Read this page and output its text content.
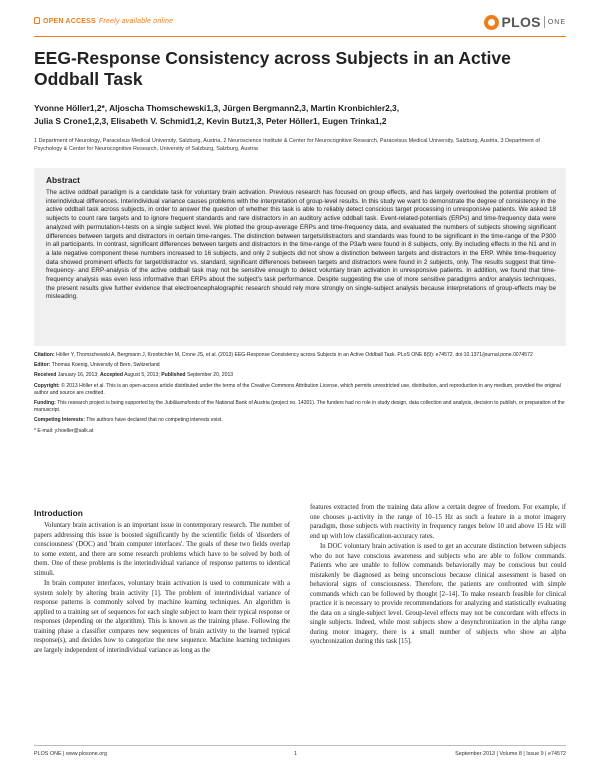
OPEN ACCESS Freely available online	PLOS ONE
EEG-Response Consistency across Subjects in an Active Oddball Task
Yvonne Höller1,2*, Aljoscha Thomschewski1,3, Jürgen Bergmann2,3, Martin Kronbichler2,3,
Julia S Crone1,2,3, Elisabeth V. Schmid1,2, Kevin Butz1,3, Peter Höller1, Eugen Trinka1,2
1 Department of Neurology, Paracelsus Medical University, Salzburg, Austria, 2 Neuroscience Institute & Center for Neurocognitive Research, Paracelsus Medical University, Salzburg, Austria, 3 Department of Psychology & Center for Neurocognitive Research, University of Salzburg, Salzburg, Austria
Abstract
The active oddball paradigm is a candidate task for voluntary brain activation. Previous research has focused on group effects, and has largely overlooked the potential problem of interindividual differences. Interindividual variance causes problems with the interpretation of group-level results. In this study we want to demonstrate the degree of consistency in the active oddball task across subjects, in order to answer the question of whether this task is able to reliably detect conscious target processing in unresponsive patients. We asked 18 subjects to count rare targets and to ignore frequent standards and rare distractors in an auditory active oddball task. Event-related-potentials (ERPs) and time-frequency data were analyzed with permutation-t-tests on a single subject level. We plotted the group-average ERPs and time-frequency data, and evaluated the numbers of subjects showing significant differences between targets and distractors in certain time-ranges. The distinction between targets/distractors and standards was found to be significant in the time-range of the P300 in all participants. In contrast, significant differences between targets and distractors in the time-range of the P3a/b were found in 8 subjects, only. By including effects in the N1 and in a late negative component these numbers increased to 16 subjects, and only 2 subjects did not show a distinction between targets and distractors in the ERP. While time-frequency data showed prominent effects for target/distractor vs. standard, significant differences between targets and distractors were found in 2 subjects, only. The results suggest that time-frequency- and ERP-analysis of the active oddball task may not be sensitive enough to detect voluntary brain activation in unresponsive patients. In addition, we found that time-frequency analysis was even less informative than ERPs about the subject's task performance. Despite suggesting the use of more sensitive paradigms and/or analysis techniques, the present results give further evidence that electroencephalographic research should rely more strongly on single-subject analysis because interpretations of group-effects may be misleading.

Citation: Höller Y, Thomschewski A, Bergmann J, Kronbichler M, Crone JS, et al. (2013) EEG-Response Consistency across Subjects in an Active Oddball Task. PLoS ONE 8(9): e74572. doi:10.1371/journal.pone.0074572

Editor: Thomas Koenig, University of Bern, Switzerland

Received January 16, 2013; Accepted August 5, 2013; Published September 20, 2013

Copyright: © 2013 Höller et al. This is an open-access article distributed under the terms of the Creative Commons Attribution License, which permits unrestricted use, distribution, and reproduction in any medium, provided the original author and source are credited.

Funding: This research project is being supported by the Jubiläumsfonds of the National Bank of Austria (project no. 14201). The funders had no role in study design, data collection and analysis, decision to publish, or preparation of the manuscript.

Competing Interests: The authors have declared that no competing interests exist.

* E-mail: y.hoeller@salk.at

Introduction

Voluntary brain activation is an important issue in contemporary research. The number of papers addressing this issue is boosted significantly by the scientific fields of 'disorders of consciousness' (DOC) and 'brain computer interfaces'. The goals of these two fields overlap to some extent, and there are some research problems which have to be solved by both of them. One of these problems is the interindividual variance of response patterns to identical stimuli.

In brain computer interfaces, voluntary brain activation is used to communicate with a system solely by altering brain activity [1]. The problem of interindividual variance of response patterns is commonly solved by machine learning techniques. An algorithm is applied to a training set of sequences for each single subject to learn their typical response or responses (depending on the algorithm). This is known as the training phase. Following the training phase a classifier compares new sequences of brain activity to the learned typical response(s), and decides how to categorize the new sequence. Machine learning techniques are largely independent of interindividual variance as long as the

features extracted from the training data allow a certain degree of freedom. For example, if one chooses μ-activity in the range of 10–15 Hz as such a feature in a motor imagery paradigm, those subjects with reactivity in frequency ranges below 10 and above 15 Hz will end up with low classification-accuracy rates.

In DOC voluntary brain activation is used to get an accurate distinction between subjects who do not have conscious awareness and subjects who are able to follow commands. Patients who are unable to follow commands behaviorally may be conscious but could mistakenly be diagnosed as being unconscious because clinical assessment is based on behavioral signs of consciousness. Therefore, the patients are confronted with simple commands which can be followed by thought [2–14]. To make research feasible for clinical practice it is necessary to provide recommendations for analyzing and statistically evaluating the data on a single-subject level. Group-level effects may not be concordant with effects in single subjects. Indeed, while most subjects show a desynchronization in the alpha range during motor imagery, there is a small number of subjects who show an alpha synchronization during this task [15].

PLOS ONE | www.plosone.org	1	September 2013 | Volume 8 | Issue 9 | e74572
